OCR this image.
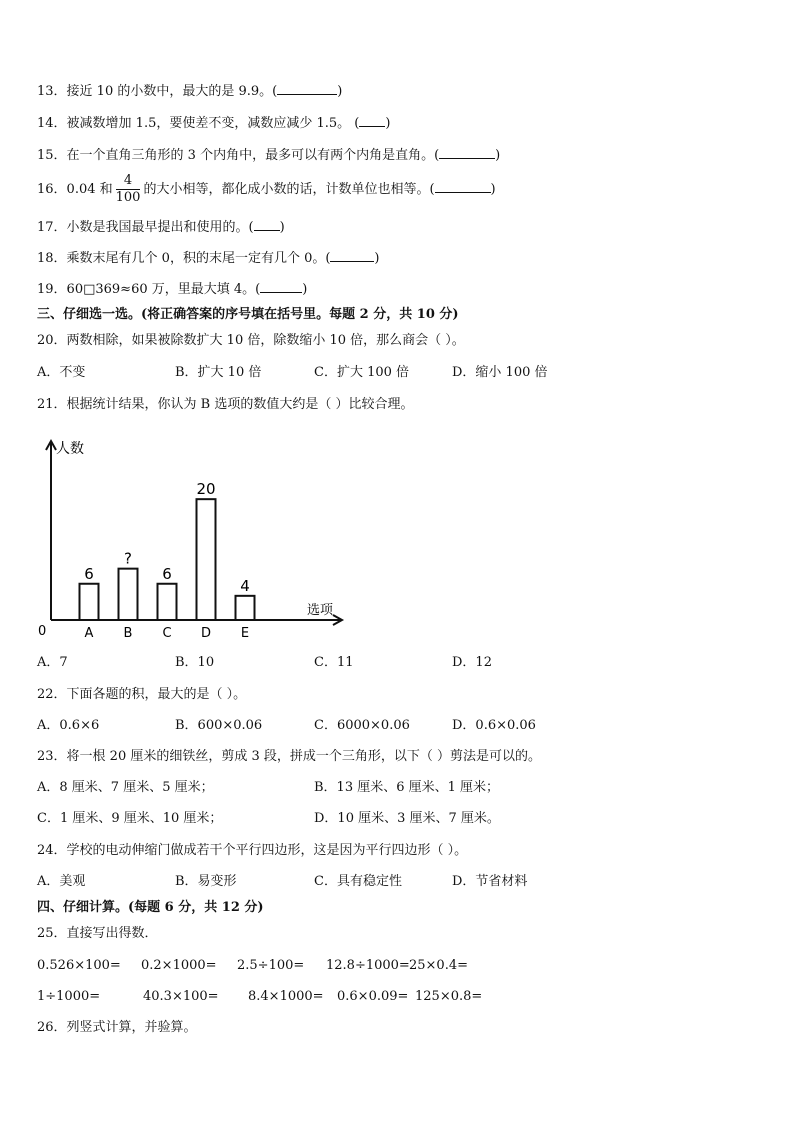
13．接近 10 的小数中，最大的是 9.9。(	)
14．被减数增加 1.5，要使差不变，减数应减少 1.5。 ( )
15．在一个直角三角形的 3 个内角中，最多可以有两个内角是直角。(	)
16．0.04 和 $\frac{4}{100}$ 的大小相等，都化成小数的话，计数单位也相等。(	)
17．小数是我国最早提出和使用的。( )
18．乘数末尾有几个 0，积的末尾一定有几个 0。(	)
19．60□369≈60 万，里最大填 4。(	)
三、仔细选一选。(将正确答案的序号填在括号里。每题 2 分，共 10 分)
20．两数相除，如果被除数扩大 10 倍，除数缩小 10 倍，那么商会（ ）。
A．不变	B．扩大 10 倍	C．扩大 100 倍	D．缩小 100 倍
21．根据统计结果，你认为 B 选项的数值大约是（ ）比较合理。
人数
选项
0
6
A
?
B
6
C
20
D
4
E
A．7	B．10	C．11	D．12
22．下面各题的积，最大的是（ ）。
A．0.6×6	B．600×0.06	C．6000×0.06	D．0.6×0.06
23．将一根 20 厘米的细铁丝，剪成 3 段，拼成一个三角形，以下（ ）剪法是可以的。
A．8 厘米、7 厘米、5 厘米；	B．13 厘米、6 厘米、1 厘米；
C．1 厘米、9 厘米、10 厘米；	D．10 厘米、3 厘米、7 厘米。
24．学校的电动伸缩门做成若干个平行四边形，这是因为平行四边形（ ）。
A．美观	B．易变形	C．具有稳定性	D．节省材料
四、仔细计算。(每题 6 分，共 12 分)
25．直接写出得数．
0.526×100= 0.2×1000= 2.5÷100= 12.8÷1000= 25×0.4=
1÷1000=	40.3×100= 8.4×1000= 0.6×0.09= 125×0.8=
26．列竖式计算，并验算。
